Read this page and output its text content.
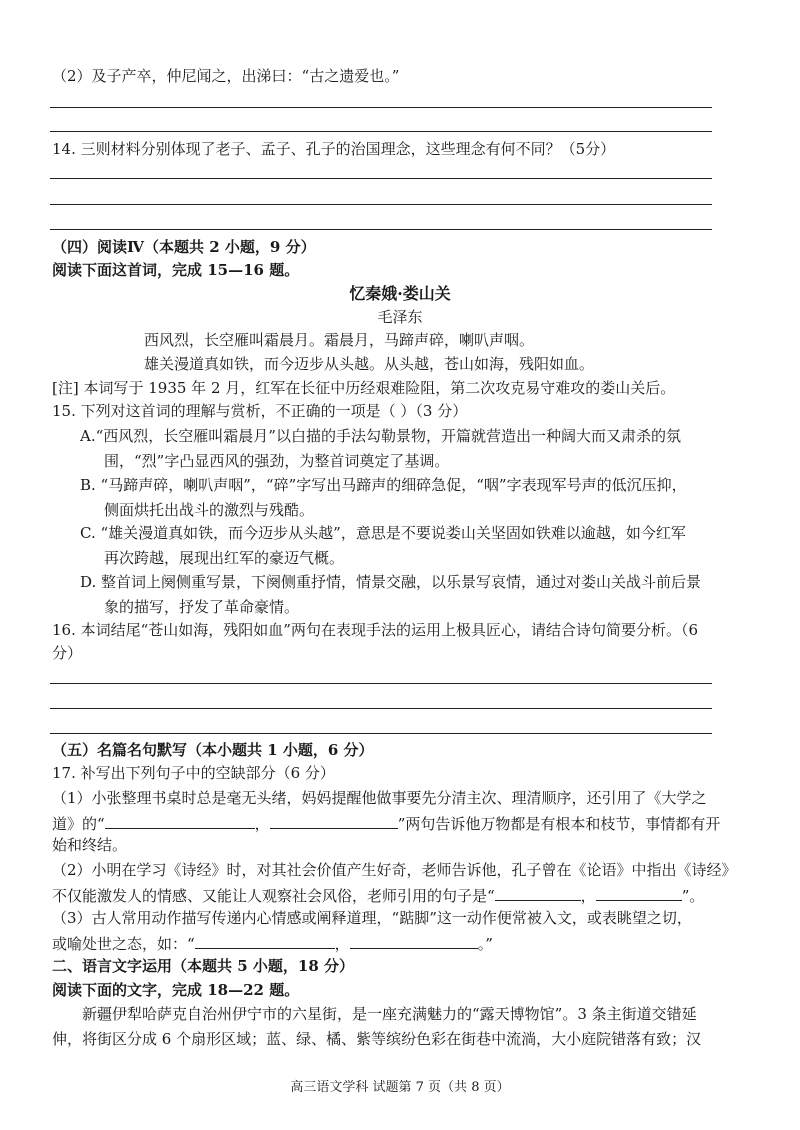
（2）及子产卒，仲尼闻之，出涕曰：“古之遗爱也。”
14. 三则材料分别体现了老子、孟子、孔子的治国理念，这些理念有何不同？（5分）
（四）阅读Ⅳ（本题共 2 小题，9 分）
阅读下面这首词，完成 15—16 题。
忆秦娥·娄山关
毛泽东
西风烈，长空雁叫霜晨月。霜晨月，马蹄声碎，喇叭声咽。
雄关漫道真如铁，而今迈步从头越。从头越，苍山如海，残阳如血。
[注] 本词写于 1935 年 2 月，红军在长征中历经艰难险阻，第二次攻克易守难攻的娄山关后。
15. 下列对这首词的理解与赏析，不正确的一项是（ ）（3 分）
A.“西风烈，长空雁叫霜晨月”以白描的手法勾勒景物，开篇就营造出一种阔大而又肃杀的氛
围，“烈”字凸显西风的强劲，为整首词奠定了基调。
B. “马蹄声碎，喇叭声咽”，“碎”字写出马蹄声的细碎急促，“咽”字表现军号声的低沉压抑，
侧面烘托出战斗的激烈与残酷。
C. “雄关漫道真如铁，而今迈步从头越”，意思是不要说娄山关坚固如铁难以逾越，如今红军
再次跨越，展现出红军的豪迈气概。
D. 整首词上阕侧重写景，下阕侧重抒情，情景交融，以乐景写哀情，通过对娄山关战斗前后景
象的描写，抒发了革命豪情。
16. 本词结尾“苍山如海，残阳如血”两句在表现手法的运用上极具匠心，请结合诗句简要分析。（6
分）
（五）名篇名句默写（本小题共 1 小题，6 分）
17. 补写出下列句子中的空缺部分（6 分）
（1）小张整理书桌时总是毫无头绪，妈妈提醒他做事要先分清主次、理清顺序，还引用了《大学之
道》的“	，	”两句告诉他万物都是有根本和枝节，事情都有开
始和终结。
（2）小明在学习《诗经》时，对其社会价值产生好奇，老师告诉他，孔子曾在《论语》中指出《诗经》
不仅能激发人的情感、又能让人观察社会风俗，老师引用的句子是“	，	”。
（3）古人常用动作描写传递内心情感或阐释道理，“踮脚”这一动作便常被入文，或表眺望之切，
或喻处世之态，如：“	，	。”
二、语言文字运用（本题共 5 小题，18 分）
阅读下面的文字，完成 18—22 题。
新疆伊犁哈萨克自治州伊宁市的六星街，是一座充满魅力的“露天博物馆”。3 条主街道交错延
伸，将街区分成 6 个扇形区域；蓝、绿、橘、紫等缤纷色彩在街巷中流淌，大小庭院错落有致；汉
高三语文学科 试题第 7 页（共 8 页）
